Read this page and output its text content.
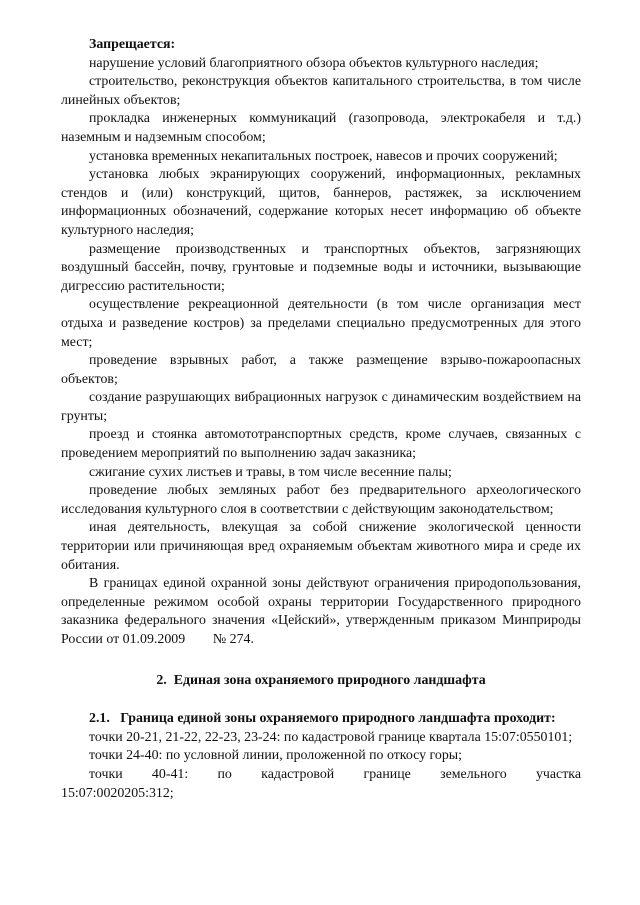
Запрещается:

нарушение условий благоприятного обзора объектов культурного наследия;

строительство, реконструкция объектов капитального строительства, в том числе линейных объектов;

прокладка инженерных коммуникаций (газопровода, электрокабеля и т.д.) наземным и надземным способом;

установка временных некапитальных построек, навесов и прочих сооружений;

установка любых экранирующих сооружений, информационных, рекламных стендов и (или) конструкций, щитов, баннеров, растяжек, за исключением информационных обозначений, содержание которых несет информацию об объекте культурного наследия;

размещение производственных и транспортных объектов, загрязняющих воздушный бассейн, почву, грунтовые и подземные воды и источники, вызывающие дигрессию растительности;

осуществление рекреационной деятельности (в том числе организация мест отдыха и разведение костров) за пределами специально предусмотренных для этого мест;

проведение взрывных работ, а также размещение взрыво-пожароопасных объектов;

создание разрушающих вибрационных нагрузок с динамическим воздействием на грунты;

проезд и стоянка автомототранспортных средств, кроме случаев, связанных с проведением мероприятий по выполнению задач заказника;

сжигание сухих листьев и травы, в том числе весенние палы;

проведение любых земляных работ без предварительного археологического исследования культурного слоя в соответствии с действующим законодательством;

иная деятельность, влекущая за собой снижение экологической ценности территории или причиняющая вред охраняемым объектам животного мира и среде их обитания.

В границах единой охранной зоны действуют ограничения природопользования, определенные режимом особой охраны территории Государственного природного заказника федерального значения «Цейский», утвержденным приказом Минприроды России от 01.09.2009        № 274.

2.  Единая зона охраняемого природного ландшафта

2.1.   Граница единой зоны охраняемого природного ландшафта проходит:

точки 20-21, 21-22, 22-23, 23-24: по кадастровой границе квартала 15:07:0550101;

точки 24-40: по условной линии, проложенной по откосу горы;

точки    40-41:    по    кадастровой    границе    земельного    участка 15:07:0020205:312;
